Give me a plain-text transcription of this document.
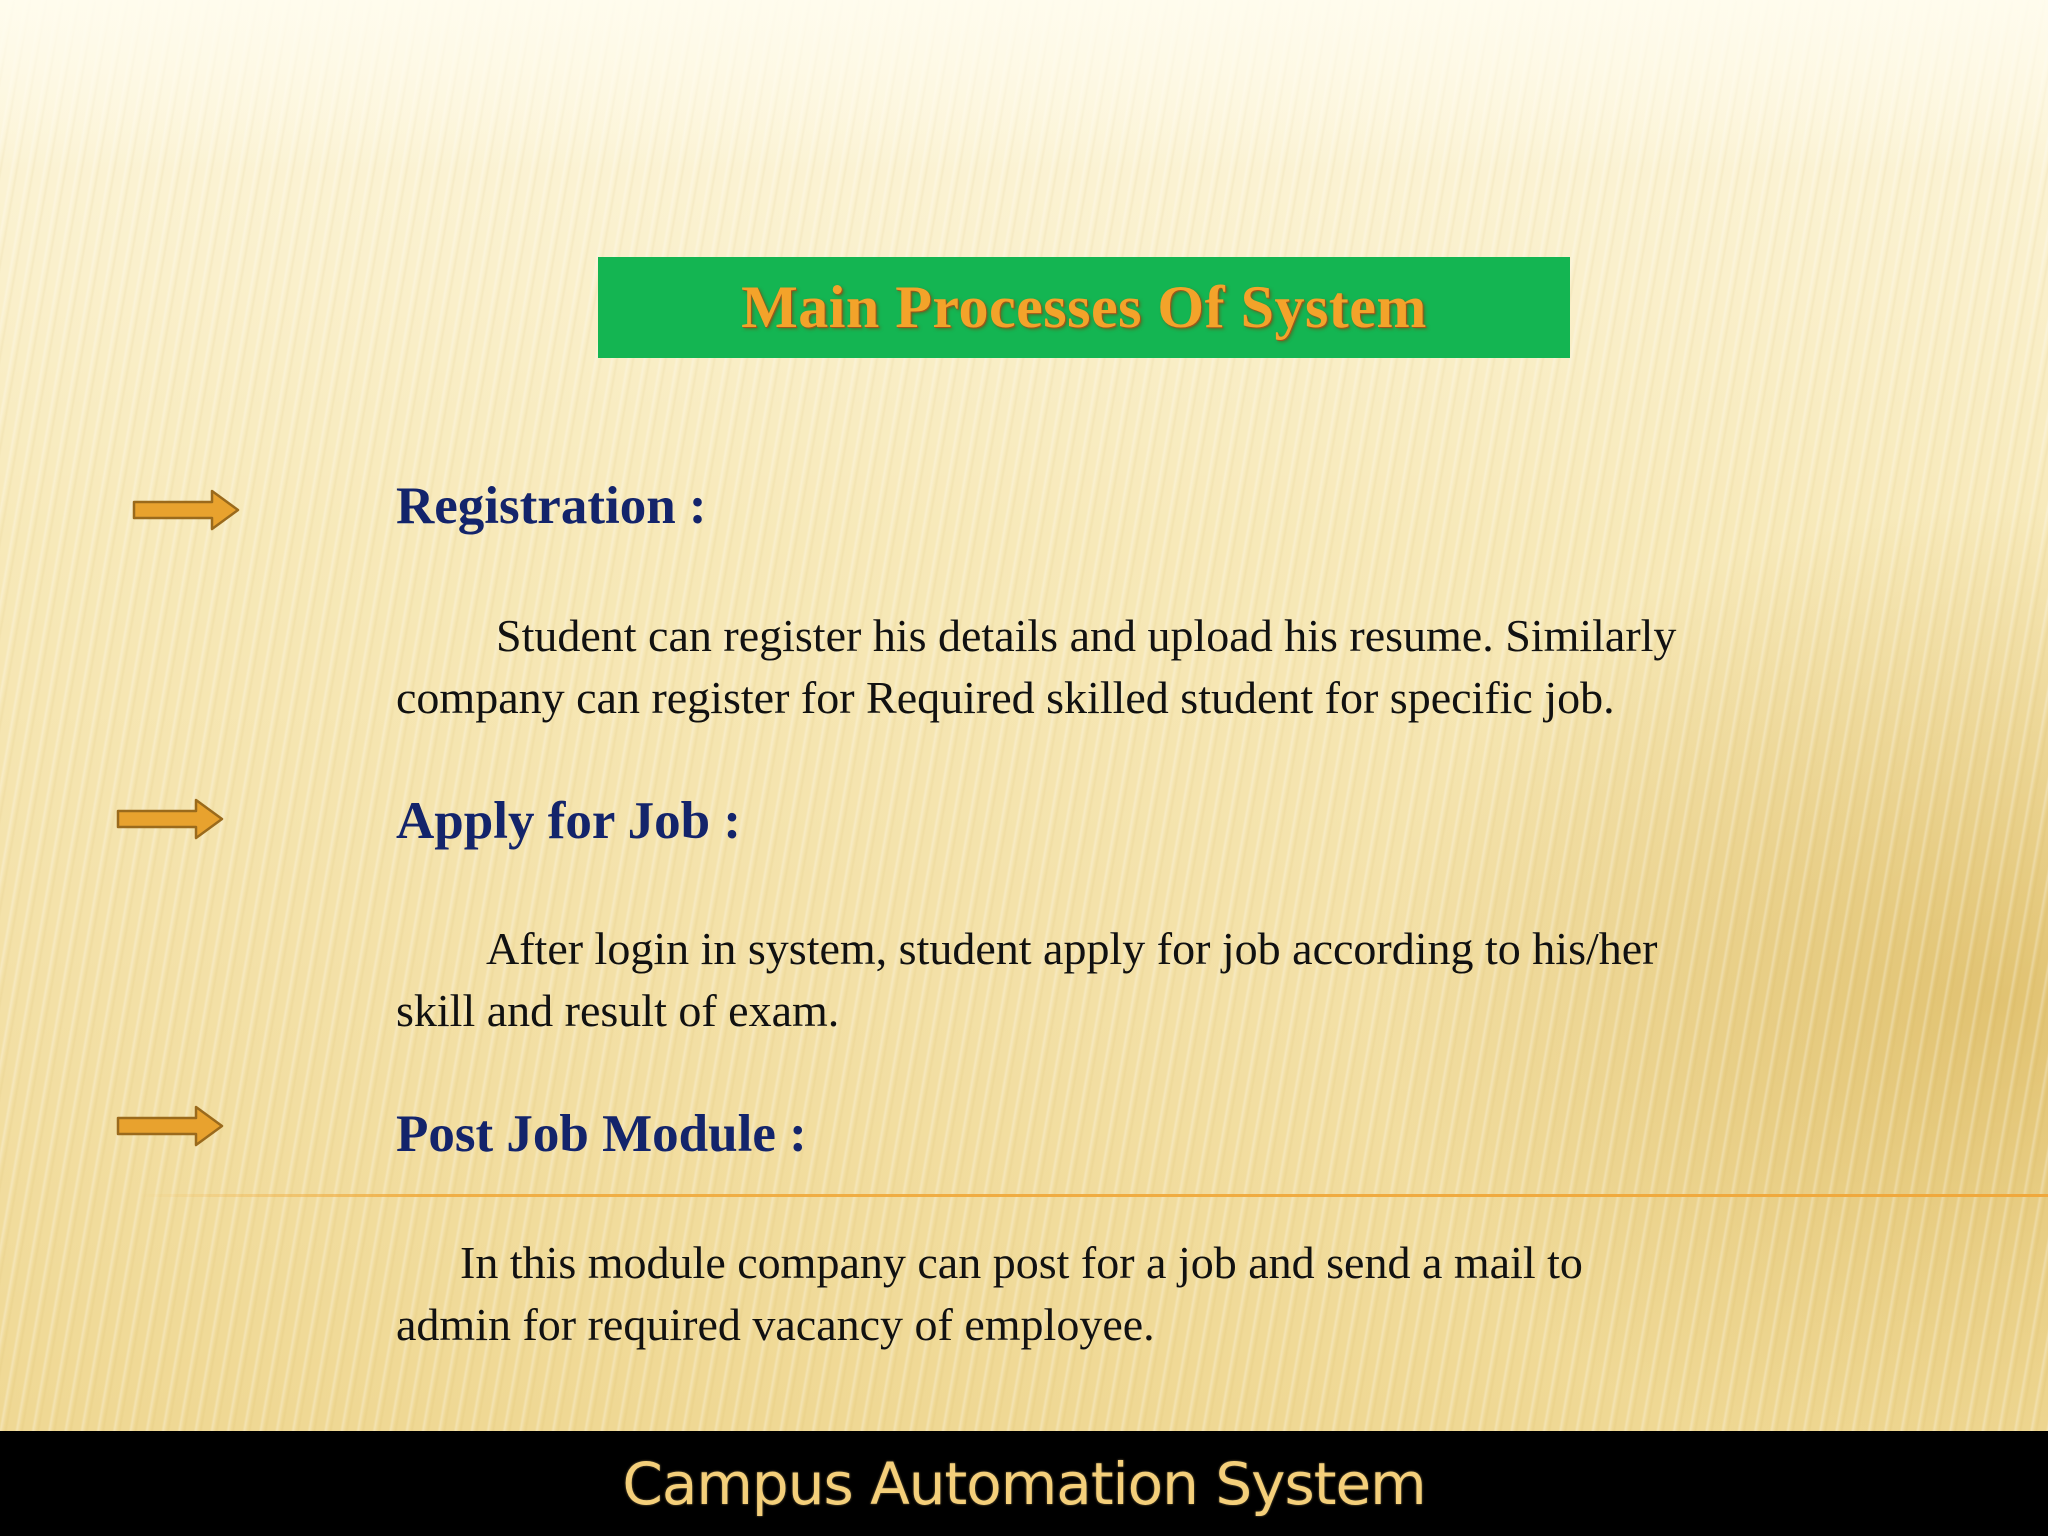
Main Processes Of System
Registration :
Student can register his details and upload his resume. Similarly
company can register for Required skilled student for specific job.
Apply for Job :
After login in system, student apply for job according to his/her
skill and result of exam.
Post Job Module :
In this module company can post for a job and send a mail to
admin for required vacancy of employee.
Campus Automation System
